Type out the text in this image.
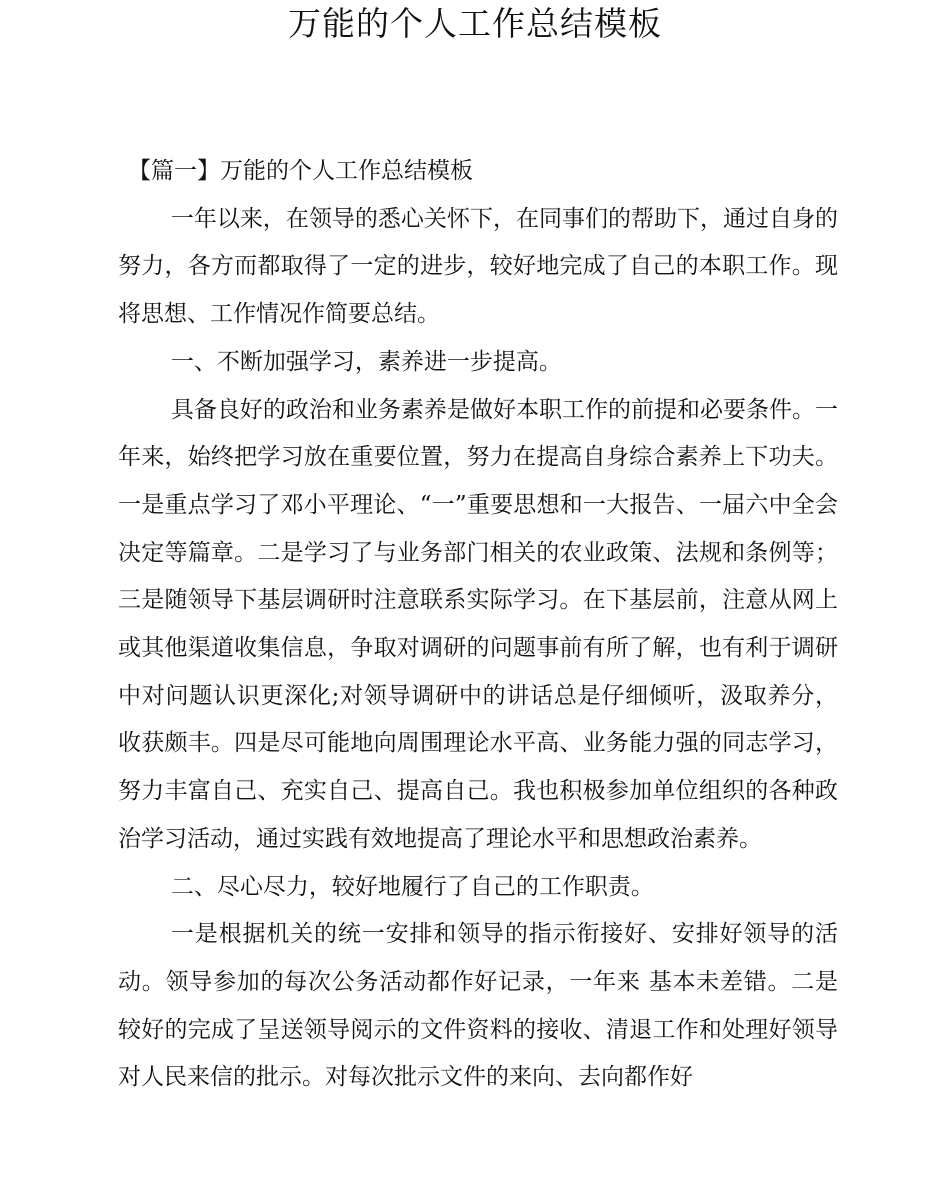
万能的个人工作总结模板

【篇一】万能的个人工作总结模板

一年以来，在领导的悉心关怀下，在同事们的帮助下，通过自身的努力，各方而都取得了一定的进步，较好地完成了自己的本职工作。现将思想、工作情况作简要总结。

一、不断加强学习，素养进一步提高。

具备良好的政治和业务素养是做好本职工作的前提和必要条件。一年来，始终把学习放在重要位置，努力在提高自身综合素养上下功夫。一是重点学习了邓小平理论、“一”重要思想和一大报告、一届六中全会决定等篇章。二是学习了与业务部门相关的农业政策、法规和条例等；三是随领导下基层调研时注意联系实际学习。在下基层前，注意从网上或其他渠道收集信息，争取对调研的问题事前有所了解，也有利于调研中对问题认识更深化;对领导调研中的讲话总是仔细倾听，汲取养分，收获颇丰。四是尽可能地向周围理论水平高、业务能力强的同志学习，努力丰富自己、充实自己、提高自己。我也积极参加单位组织的各种政治学习活动，通过实践有效地提高了理论水平和思想政治素养。

二、尽心尽力，较好地履行了自己的工作职责。

一是根据机关的统一安排和领导的指示衔接好、安排好领导的活动。领导参加的每次公务活动都作好记录，一年来 基本未差错。二是较好的完成了呈送领导阅示的文件资料的接收、清退工作和处理好领导对人民来信的批示。对每次批示文件的来向、去向都作好
